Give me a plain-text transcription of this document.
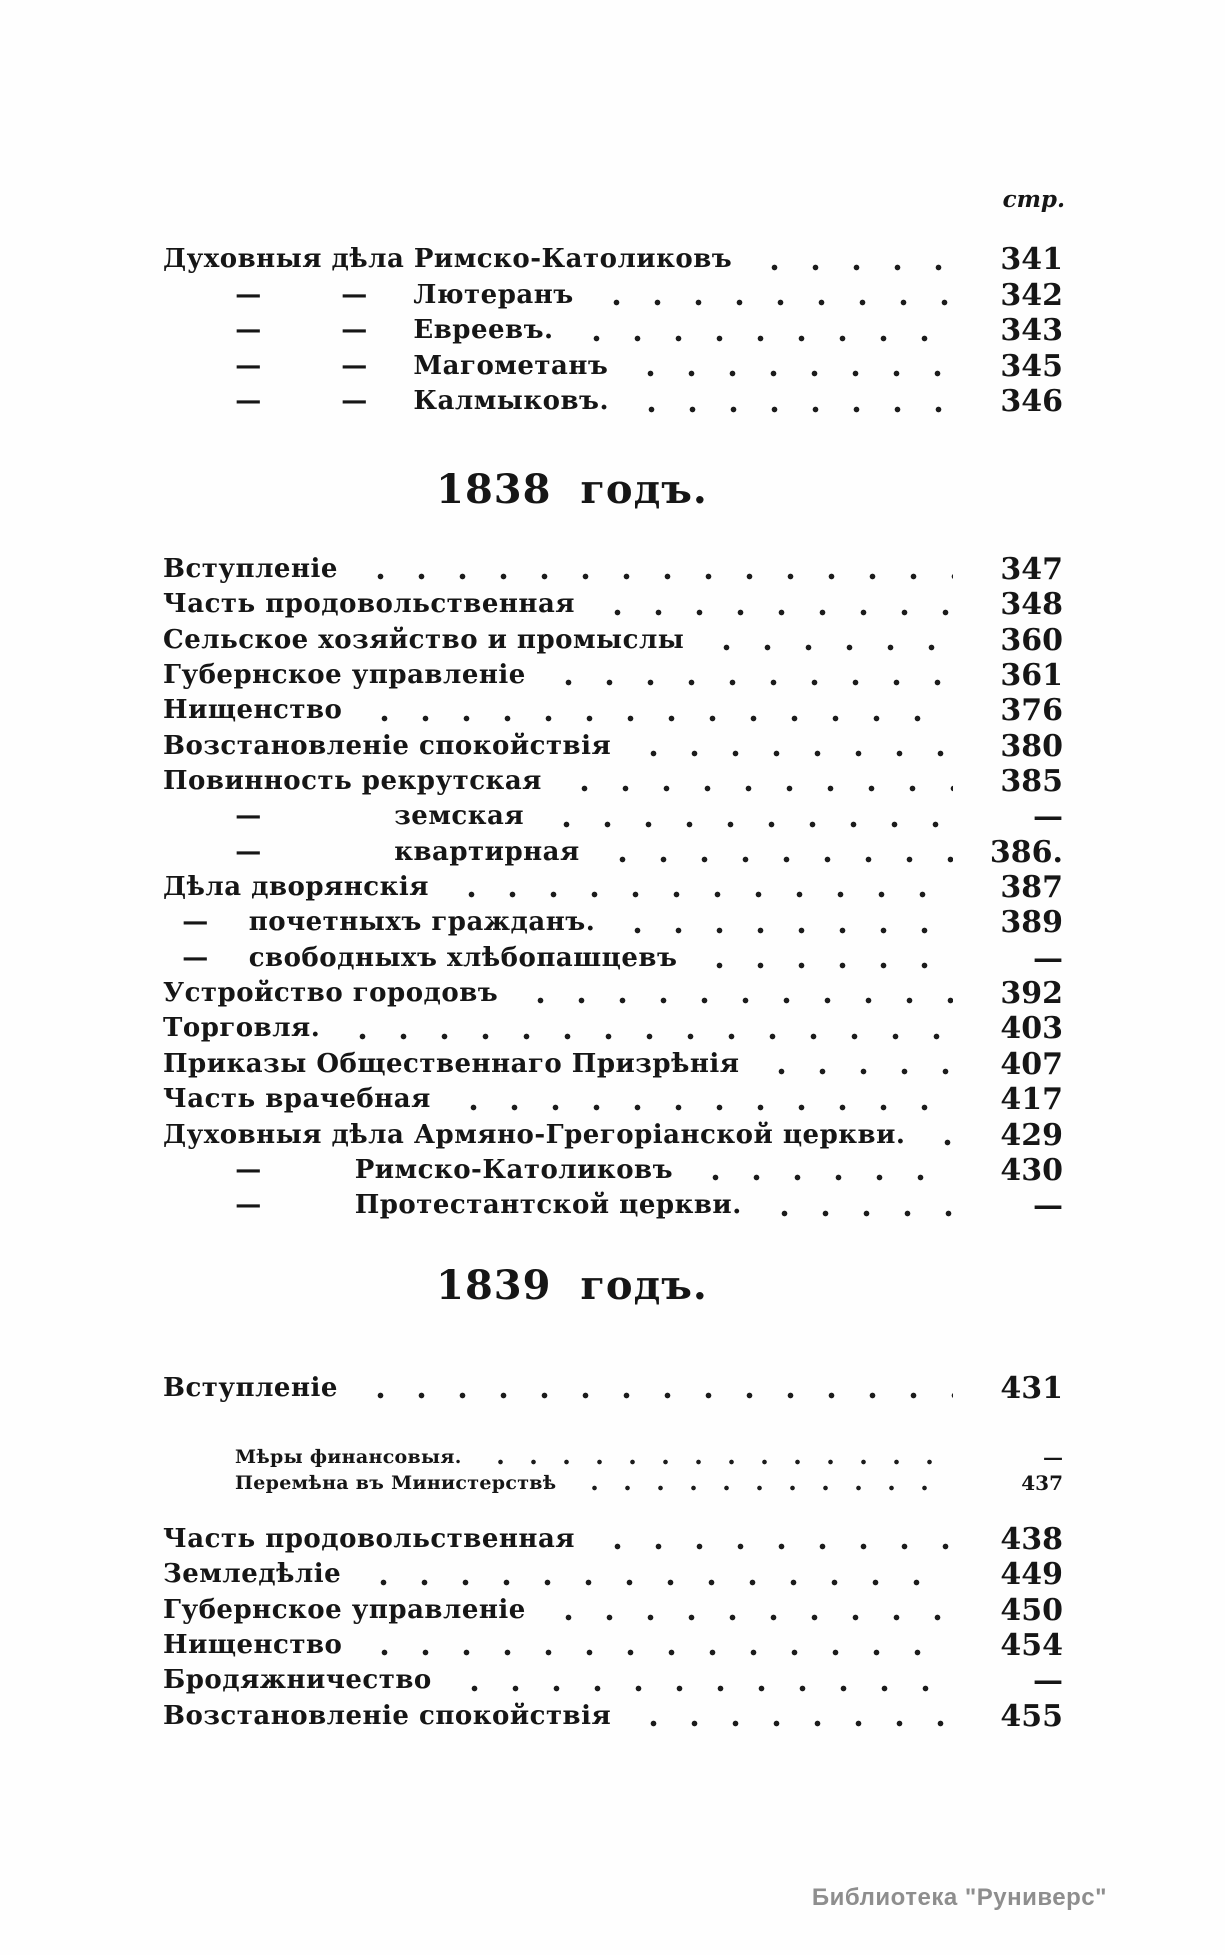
стр.
Духовныя дѣла Римско-Католиковъ	341
    —   —   Лютеранъ	342
    —   —   Евреевъ.	343
    —   —   Магометанъ	345
    —   —   Калмыковъ.	346
1838 годъ.
Вступленіе	347
Часть продовольственная	348
Сельское хозяйство и промыслы	360
Губернское управленіе	361
Нищенство	376
Возстановленіе спокойствія	380
Повинность рекрутская	385
    —     земская	—
    —     квартирная	386.
Дѣла дворянскія	387
  —  почетныхъ гражданъ.	389
  —  свободныхъ хлѣбопашцевъ	—
Устройство городовъ	392
Торговля.	403
Приказы Общественнаго Призрѣнія	407
Часть врачебная	417
Духовныя дѣла Армяно-Грегоріанской церкви.	429
    —    Римско-Католиковъ	430
    —    Протестантской церкви.	—
1839 годъ.
Вступленіе	431
Мѣры финансовыя.	—
Перемѣна въ Министерствѣ	437
Часть продовольственная	438
Земледѣліе	449
Губернское управленіе	450
Нищенство	454
Бродяжничество	—
Возстановленіе спокойствія	455
Библиотека "Руниверс"
